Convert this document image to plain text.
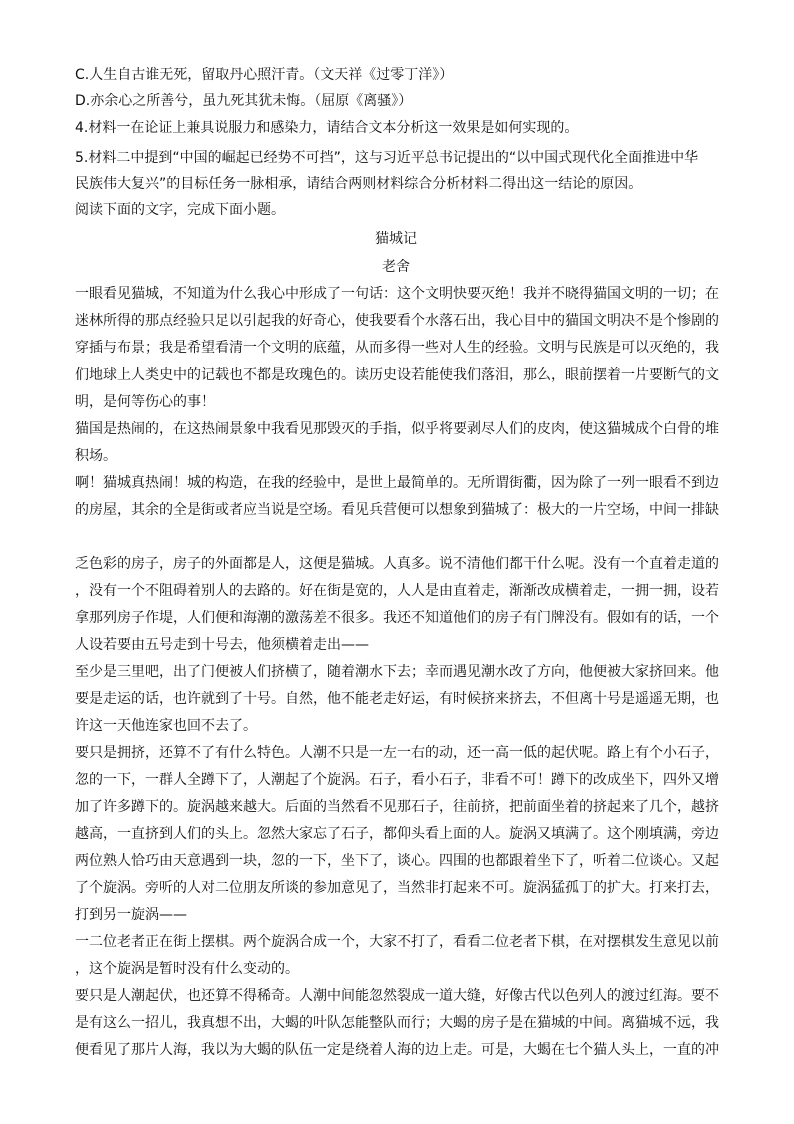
C.人生自古谁无死，留取丹心照汗青。（文天祥《过零丁洋》）
D.亦余心之所善兮，虽九死其犹未悔。（屈原《离骚》）
4.材料一在论证上兼具说服力和感染力，请结合文本分析这一效果是如何实现的。
5.材料二中提到“中国的崛起已经势不可挡”，这与习近平总书记提出的“以中国式现代化全面推进中华
民族伟大复兴”的目标任务一脉相承，请结合两则材料综合分析材料二得出这一结论的原因。
阅读下面的文字，完成下面小题。
猫城记
老舍
一眼看见猫城，不知道为什么我心中形成了一句话：这个文明快要灭绝！我并不晓得猫国文明的一切；在
迷林所得的那点经验只足以引起我的好奇心，使我要看个水落石出，我心目中的猫国文明决不是个惨剧的
穿插与布景；我是希望看清一个文明的底蕴，从而多得一些对人生的经验。文明与民族是可以灭绝的，我
们地球上人类史中的记载也不都是玫瑰色的。读历史设若能使我们落泪，那么，眼前摆着一片要断气的文
明，是何等伤心的事！
猫国是热闹的，在这热闹景象中我看见那毁灭的手指，似乎将要剥尽人们的皮肉，使这猫城成个白骨的堆
积场。
啊！猫城真热闹！城的构造，在我的经验中，是世上最简单的。无所谓街衢，因为除了一列一眼看不到边
的房屋，其余的全是街或者应当说是空场。看见兵营便可以想象到猫城了：极大的一片空场，中间一排缺
乏色彩的房子，房子的外面都是人，这便是猫城。人真多。说不清他们都干什么呢。没有一个直着走道的
，没有一个不阻碍着别人的去路的。好在街是宽的，人人是由直着走，渐渐改成横着走，一拥一拥，设若
拿那列房子作堤，人们便和海潮的激荡差不很多。我还不知道他们的房子有门牌没有。假如有的话，一个
人设若要由五号走到十号去，他须横着走出——
至少是三里吧，出了门便被人们挤横了，随着潮水下去；幸而遇见潮水改了方向，他便被大家挤回来。他
要是走运的话，也许就到了十号。自然，他不能老走好运，有时候挤来挤去，不但离十号是遥遥无期，也
许这一天他连家也回不去了。
要只是拥挤，还算不了有什么特色。人潮不只是一左一右的动，还一高一低的起伏呢。路上有个小石子，
忽的一下，一群人全蹲下了，人潮起了个旋涡。石子，看小石子，非看不可！蹲下的改成坐下，四外又增
加了许多蹲下的。旋涡越来越大。后面的当然看不见那石子，往前挤，把前面坐着的挤起来了几个，越挤
越高，一直挤到人们的头上。忽然大家忘了石子，都仰头看上面的人。旋涡又填满了。这个刚填满，旁边
两位熟人恰巧由天意遇到一块，忽的一下，坐下了，谈心。四围的也都跟着坐下了，听着二位谈心。又起
了个旋涡。旁听的人对二位朋友所谈的参加意见了，当然非打起来不可。旋涡猛孤丁的扩大。打来打去，
打到另一旋涡——
一二位老者正在街上摆棋。两个旋涡合成一个，大家不打了，看看二位老者下棋，在对摆棋发生意见以前
，这个旋涡是暂时没有什么变动的。
要只是人潮起伏，也还算不得稀奇。人潮中间能忽然裂成一道大缝，好像古代以色列人的渡过红海。要不
是有这么一招儿，我真想不出，大蝎的叶队怎能整队而行；大蝎的房子是在猫城的中间。离猫城不远，我
便看见了那片人海，我以为大蝎的队伍一定是绕着人海的边上走。可是，大蝎在七个猫人头上，一直的冲
